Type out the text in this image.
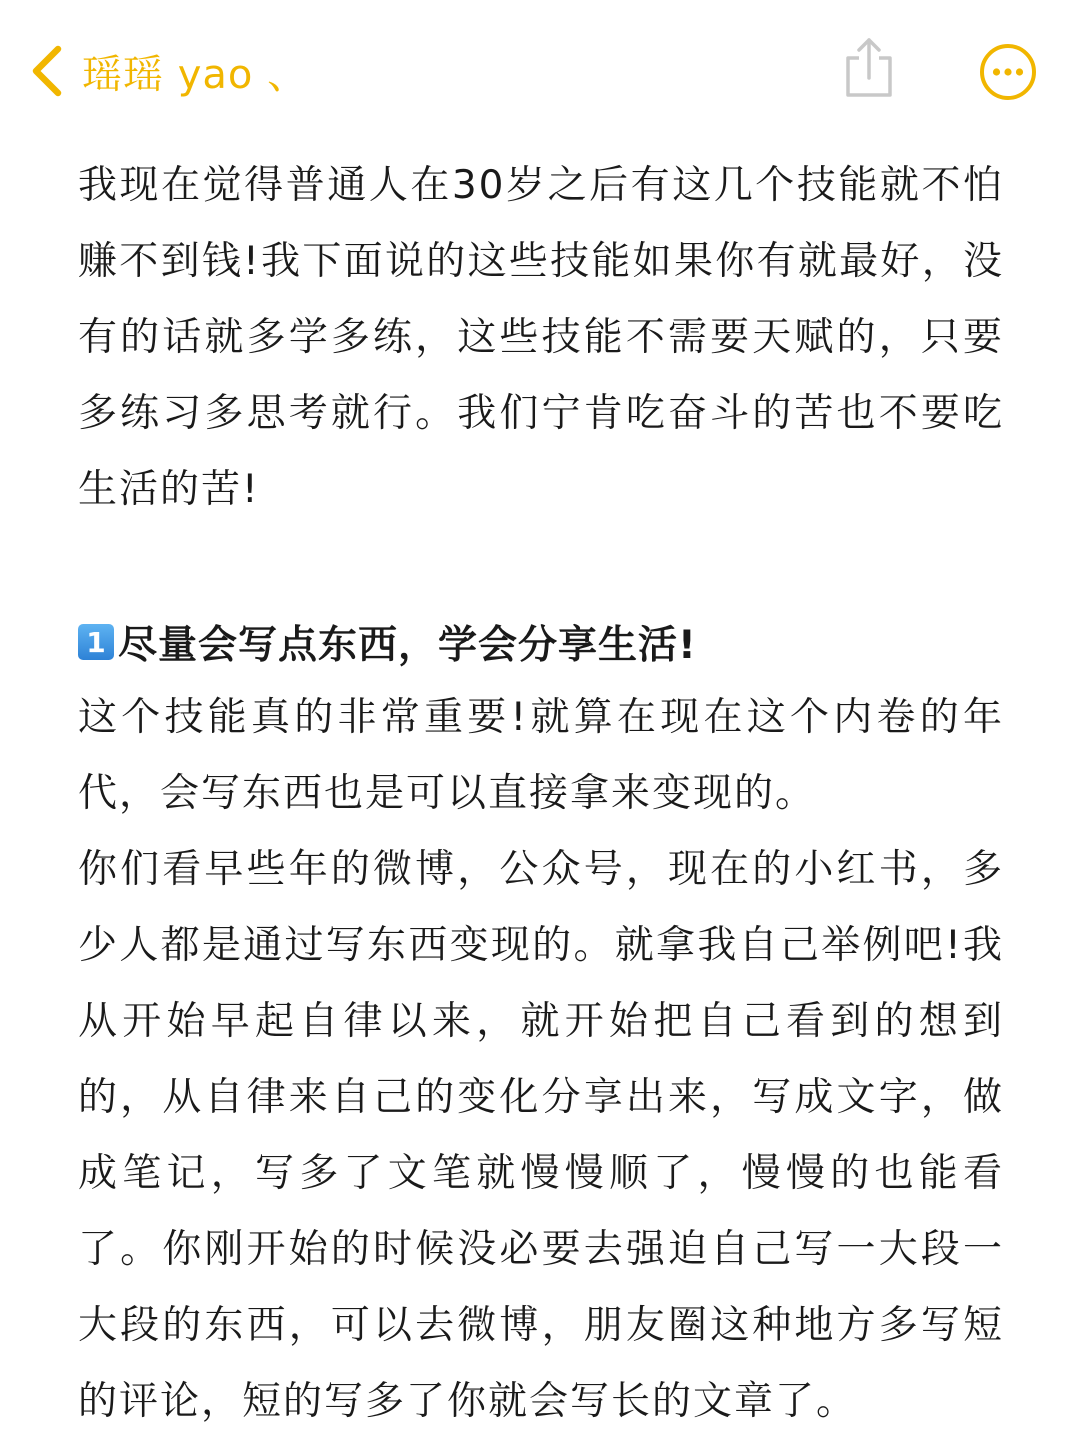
瑶瑶 yao 、

我现在觉得普通人在30岁之后有这几个技能就不怕赚不到钱!我下面说的这些技能如果你有就最好，没有的话就多学多练，这些技能不需要天赋的，只要多练习多思考就行。我们宁肯吃奋斗的苦也不要吃生活的苦!

1 尽量会写点东西，学会分享生活!

这个技能真的非常重要!就算在现在这个内卷的年代，会写东西也是可以直接拿来变现的。

你们看早些年的微博，公众号，现在的小红书，多少人都是通过写东西变现的。就拿我自己举例吧!我从开始早起自律以来，就开始把自己看到的想到的，从自律来自己的变化分享出来，写成文字，做成笔记，写多了文笔就慢慢顺了，慢慢的也能看了。你刚开始的时候没必要去强迫自己写一大段一大段的东西，可以去微博，朋友圈这种地方多写短的评论，短的写多了你就会写长的文章了。
